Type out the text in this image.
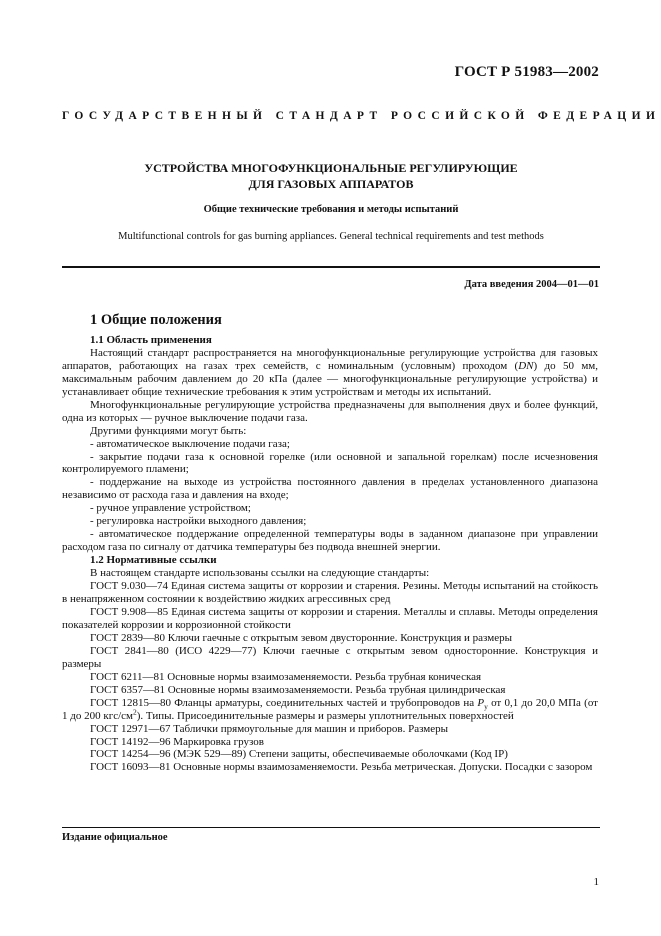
ГОСТ Р 51983—2002
ГОСУДАРСТВЕННЫЙ СТАНДАРТ РОССИЙСКОЙ ФЕДЕРАЦИИ
УСТРОЙСТВА МНОГОФУНКЦИОНАЛЬНЫЕ РЕГУЛИРУЮЩИЕ
ДЛЯ ГАЗОВЫХ АППАРАТОВ
Общие технические требования и методы испытаний
Multifunctional controls for gas burning appliances. General technical requirements and test methods
Дата введения 2004—01—01

1 Общие положения

1.1 Область применения

Настоящий стандарт распространяется на многофункциональные регулирующие устройства для газовых аппаратов, работающих на газах трех семейств, с номинальным (условным) проходом (DN) до 50 мм, максимальным рабочим давлением до 20 кПа (далее — многофункциональные регулирующие устройства) и устанавливает общие технические требования к этим устройствам и методы их испытаний.

Многофункциональные регулирующие устройства предназначены для выполнения двух и более функций, одна из которых — ручное выключение подачи газа.

Другими функциями могут быть:

- автоматическое выключение подачи газа;

- закрытие подачи газа к основной горелке (или основной и запальной горелкам) после исчезновения контролируемого пламени;

- поддержание на выходе из устройства постоянного давления в пределах установленного диапазона независимо от расхода газа и давления на входе;

- ручное управление устройством;

- регулировка настройки выходного давления;

- автоматическое поддержание определенной температуры воды в заданном диапазоне при управлении расходом газа по сигналу от датчика температуры без подвода внешней энергии.

1.2 Нормативные ссылки

В настоящем стандарте использованы ссылки на следующие стандарты:

ГОСТ 9.030—74 Единая система защиты от коррозии и старения. Резины. Методы испытаний на стойкость в ненапряженном состоянии к воздействию жидких агрессивных сред

ГОСТ 9.908—85 Единая система защиты от коррозии и старения. Металлы и сплавы. Методы определения показателей коррозии и коррозионной стойкости

ГОСТ 2839—80 Ключи гаечные с открытым зевом двусторонние. Конструкция и размеры

ГОСТ 2841—80 (ИСО 4229—77) Ключи гаечные с открытым зевом односторонние. Конструкция и размеры

ГОСТ 6211—81 Основные нормы взаимозаменяемости. Резьба трубная коническая

ГОСТ 6357—81 Основные нормы взаимозаменяемости. Резьба трубная цилиндрическая

ГОСТ 12815—80 Фланцы арматуры, соединительных частей и трубопроводов на $P_y$ от 0,1 до 20,0 МПа (от 1 до 200 кгс/$см^2$). Типы. Присоединительные размеры и размеры уплотнительных поверхностей

ГОСТ 12971—67 Таблички прямоугольные для машин и приборов. Размеры

ГОСТ 14192—96 Маркировка грузов

ГОСТ 14254—96 (МЭК 529—89) Степени защиты, обеспечиваемые оболочками (Код IP)

ГОСТ 16093—81 Основные нормы взаимозаменяемости. Резьба метрическая. Допуски. Посадки с зазором

Издание официальное
1
